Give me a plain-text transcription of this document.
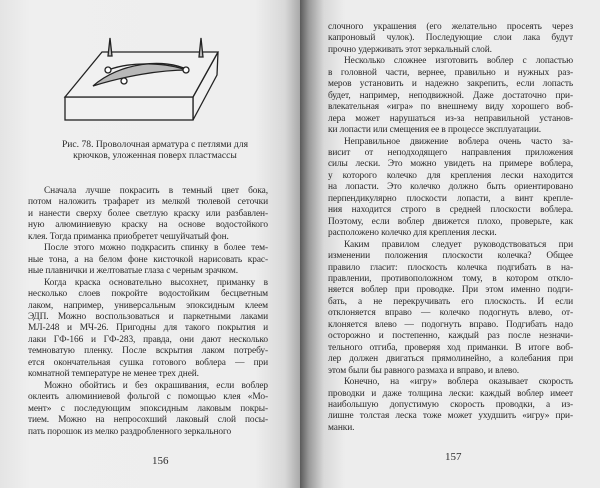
Рис. 78. Проволочная арматура с петлями для
крючков, уложенная поверх пластмассы
Сначала лучше покрасить в темный цвет бока,
потом наложить трафарет из мелкой тюлевой сеточки
и нанести сверху более светлую краску или разбавлен-
ную алюминиевую краску на основе водостойкого
клея. Тогда приманка приобретет чешуйчатый фон.
После этого можно подкрасить спинку в более тем-
ные тона, а на белом фоне кисточкой нарисовать крас-
ные плавнички и желтоватые глаза с черным зрачком.
Когда краска основательно высохнет, приманку в
несколько слоев покройте водостойким бесцветным
лаком, например, универсальным эпоксидным клеем
ЭДП. Можно воспользоваться и паркетными лаками
МЛ-248 и МЧ-26. Пригодны для такого покрытия и
лаки ГФ-166 и ГФ-283, правда, они дают несколько
темноватую пленку. После вскрытия лаком потребу-
ется окончательная сушка готового воблера — при
комнатной температуре не менее трех дней.
Можно обойтись и без окрашивания, если воблер
оклеить алюминиевой фольгой с помощью клея «Мо-
мент» с последующим эпоксидным лаковым покры-
тием. Можно на непросохший лаковый слой посы-
пать порошок из мелко раздробленного зеркального
156
слочного украшения (его желательно просеять через
капроновый чулок). Последующие слои лака будут
прочно удерживать этот зеркальный слой.
Несколько сложнее изготовить воблер с лопастью
в головной части, вернее, правильно и нужных раз-
меров установить и надежно закрепить, если лопасть
будет, например, неподвижной. Даже достаточно при-
влекательная «игра» по внешнему виду хорошего воб-
лера может нарушаться из-за неправильной установ-
ки лопасти или смещения ее в процессе эксплуатации.
Неправильное движение воблера очень часто за-
висит от неподходящего направления приложения
силы лески. Это можно увидеть на примере воблера,
у которого колечко для крепления лески находится
на лопасти. Это колечко должно быть ориентировано
перпендикулярно плоскости лопасти, а винт крепле-
ния находится строго в средней плоскости воблера.
Поэтому, если воблер движется плохо, проверьте, как
расположено колечко для крепления лески.
Каким правилом следует руководствоваться при
изменении положения плоскости колечка? Общее
правило гласит: плоскость колечка подгибать в на-
правлении, противоположном тому, в котором откло-
няется воблер при проводке. При этом именно подги-
бать, а не перекручивать его плоскость. И если
отклоняется вправо — колечко подогнуть влево, от-
клоняется влево — подогнуть вправо. Подгибать надо
осторожно и постепенно, каждый раз после незначи-
тельного отгиба, проверяя ход приманки. В итоге воб-
лер должен двигаться прямолинейно, а колебания при
этом были бы равного размаха и вправо, и влево.
Конечно, на «игру» воблера оказывает скорость
проводки и даже толщина лески: каждый воблер имеет
наибольшую допустимую скорость проводки, а из-
лишне толстая леска тоже может ухудшить «игру» при-
манки.
157
